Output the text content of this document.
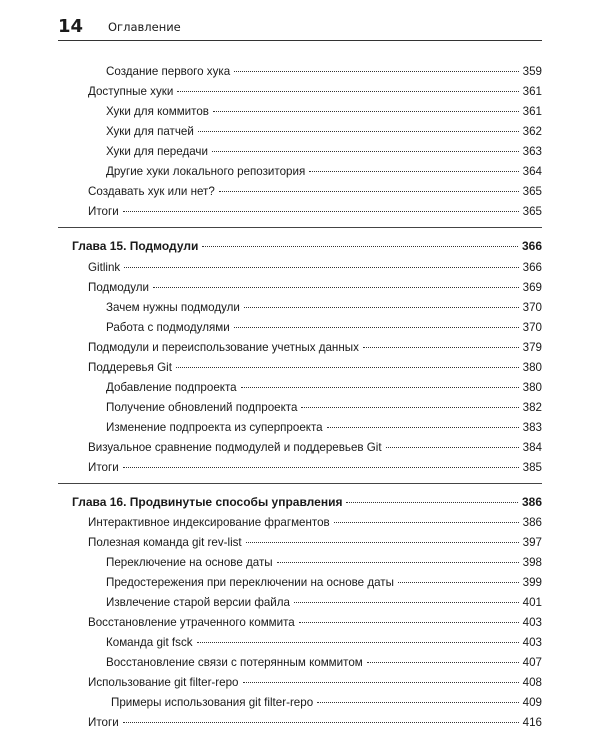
14 Оглавление
Создание первого хука	359
Доступные хуки	361
Хуки для коммитов	361
Хуки для патчей	362
Хуки для передачи	363
Другие хуки локального репозитория	364
Создавать хук или нет?	365
Итоги	365
Глава 15. Подмодули	366
Gitlink	366
Подмодули	369
Зачем нужны подмодули	370
Работа с подмодулями	370
Подмодули и переиспользование учетных данных	379
Поддеревья Git	380
Добавление подпроекта	380
Получение обновлений подпроекта	382
Изменение подпроекта из суперпроекта	383
Визуальное сравнение подмодулей и поддеревьев Git	384
Итоги	385
Глава 16. Продвинутые способы управления	386
Интерактивное индексирование фрагментов	386
Полезная команда git rev-list	397
Переключение на основе даты	398
Предостережения при переключении на основе даты	399
Извлечение старой версии файла	401
Восстановление утраченного коммита	403
Команда git fsck	403
Восстановление связи с потерянным коммитом	407
Использование git filter-repo	408
Примеры использования git filter-repo	409
Итоги	416
